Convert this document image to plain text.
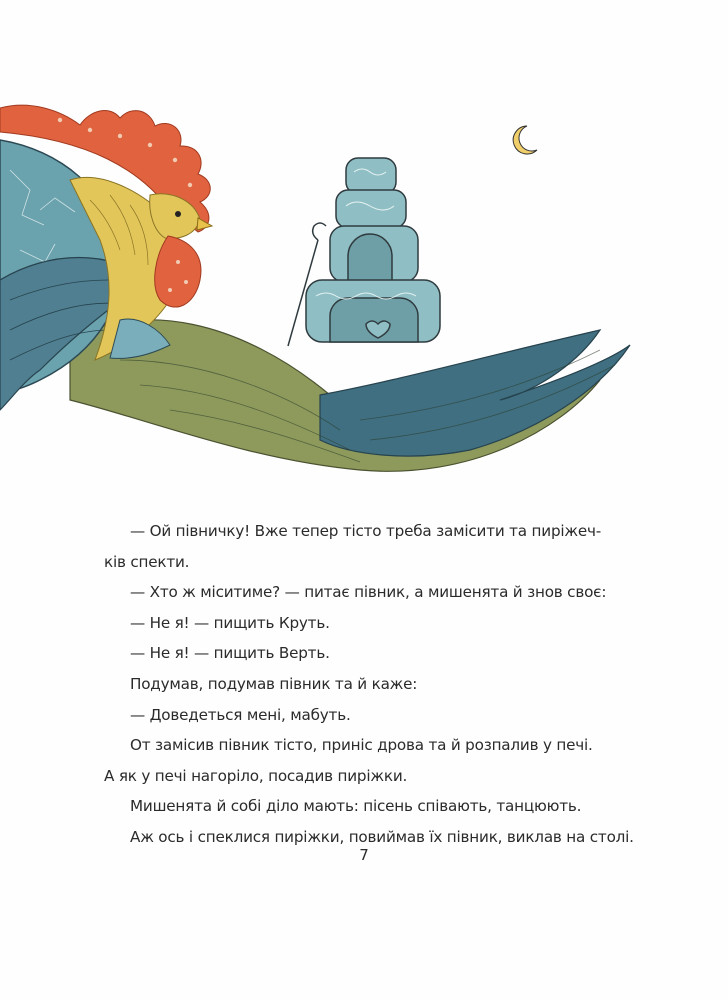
— Ой півничку! Вже тепер тісто треба замісити та пиріжеч-

ків спекти.

— Хто ж міситиме? — питає півник, а мишенята й знов своє:

— Не я! — пищить Круть.

— Не я! — пищить Верть.

Подумав, подумав півник та й каже:

— Доведеться мені, мабуть.

От замісив півник тісто, приніс дрова та й розпалив у печі.

А як у печі нагоріло, посадив пиріжки.

Мишенята й собі діло мають: пісень співають, танцюють.

Аж ось і спеклися пиріжки, повиймав їх півник, виклав на столі.

7
